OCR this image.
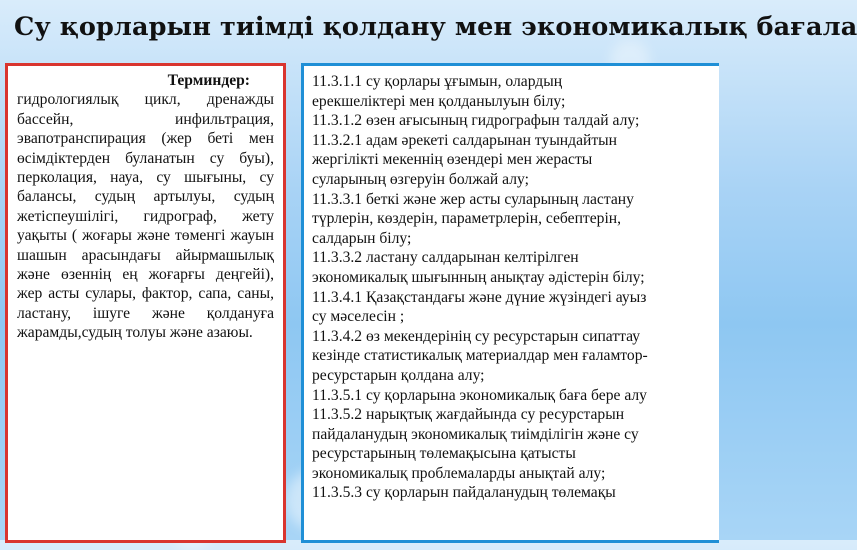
Су қорларын тиімді қолдану мен экономикалық бағала
Терминдер:
гидрологиялық цикл, дренажды бассейн, инфильтрация, эвапотранспирация (жер беті мен өсімдіктерден буланатын су буы), перколация, науа, су шығыны, су балансы, судың артылуы, судың жетіспеушілігі, гидрограф, жету уақыты ( жоғары және төменгі жауын шашын арасындағы айырмашылық және өзеннің ең жоғарғы деңгейі), жер асты сулары, фактор, сапа, саны, ластану, ішуге және қолдануға жарамды,судың толуы және азаюы.
11.3.1.1 су қорлары ұғымын, олардың
ерекшеліктері мен қолданылуын білу;
11.3.1.2 өзен ағысының гидрографын талдай алу;
11.3.2.1 адам әрекеті салдарынан туындайтын
жергілікті мекеннің өзендері мен жерасты
суларының өзгеруін болжай алу;
11.3.3.1 беткі және жер асты суларының ластану
түрлерін, көздерін, параметрлерін, себептерін,
салдарын білу;
11.3.3.2 ластану салдарынан келтірілген
экономикалық шығынның анықтау әдістерін білу;
11.3.4.1 Қазақстандағы және дүние жүзіндегі ауыз
су мәселесін ;
11.3.4.2 өз мекендерінің су ресурстарын сипаттау
кезінде статистикалық материалдар мен ғаламтор-
ресурстарын қолдана алу;
11.3.5.1 су қорларына экономикалық баға бере алу
11.3.5.2 нарықтық жағдайында су ресурстарын
пайдаланудың экономикалық тиімділігін және су
ресурстарының төлемақысына қатысты
экономикалық проблемаларды анықтай алу;
11.3.5.3 су қорларын пайдаланудың төлемақы
